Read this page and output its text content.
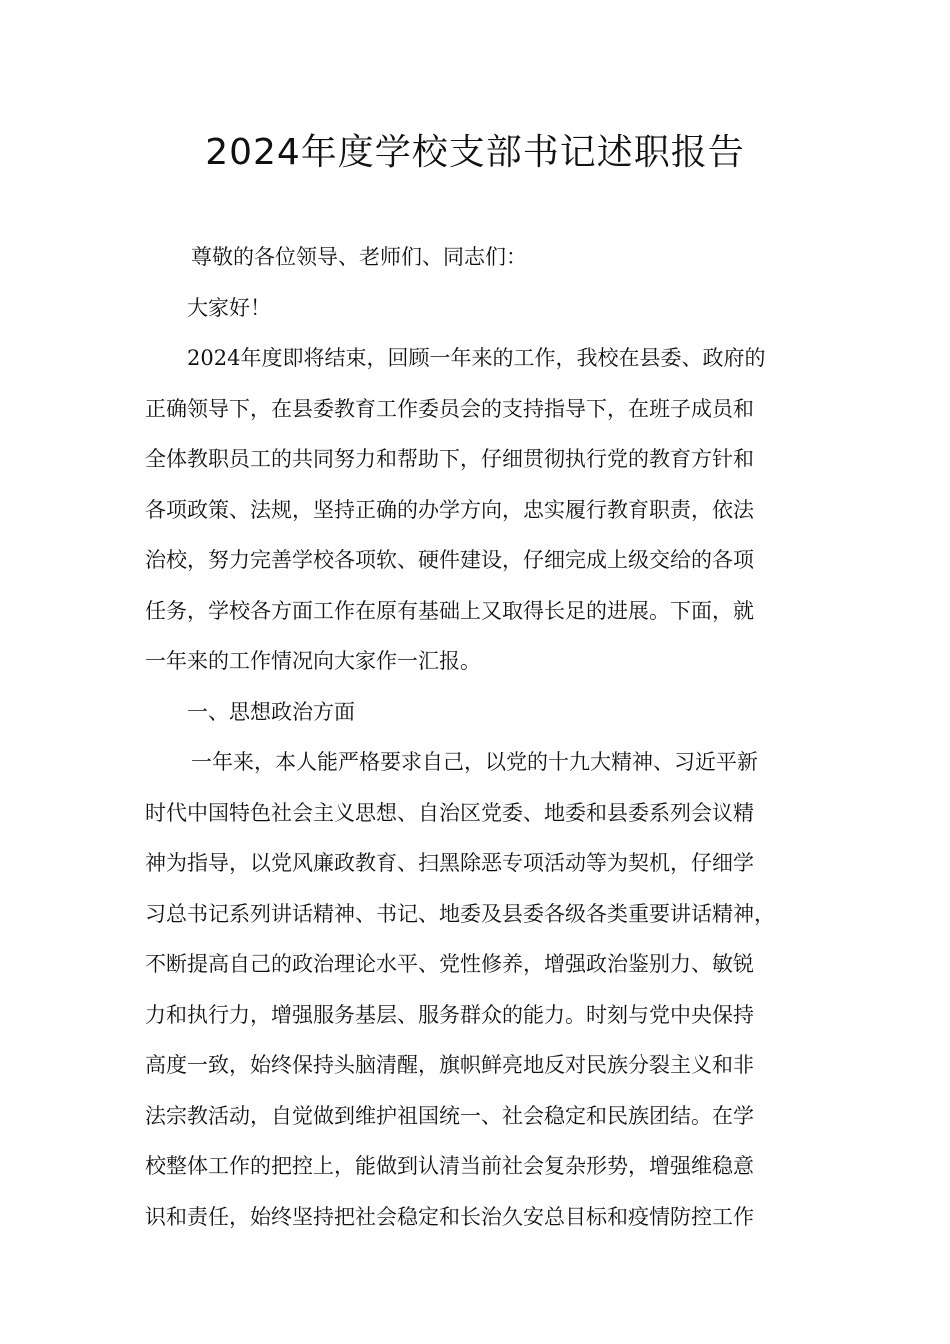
2024年度学校支部书记述职报告
尊敬的各位领导、老师们、同志们：
大家好！
2024年度即将结束，回顾一年来的工作，我校在县委、政府的
正确领导下，在县委教育工作委员会的支持指导下，在班子成员和
全体教职员工的共同努力和帮助下，仔细贯彻执行党的教育方针和
各项政策、法规，坚持正确的办学方向，忠实履行教育职责，依法
治校，努力完善学校各项软、硬件建设，仔细完成上级交给的各项
任务，学校各方面工作在原有基础上又取得长足的进展。下面，就
一年来的工作情况向大家作一汇报。
一、思想政治方面
一年来，本人能严格要求自己，以党的十九大精神、习近平新
时代中国特色社会主义思想、自治区党委、地委和县委系列会议精
神为指导，以党风廉政教育、扫黑除恶专项活动等为契机，仔细学
习总书记系列讲话精神、书记、地委及县委各级各类重要讲话精神，
不断提高自己的政治理论水平、党性修养，增强政治鉴别力、敏锐
力和执行力，增强服务基层、服务群众的能力。时刻与党中央保持
高度一致，始终保持头脑清醒，旗帜鲜亮地反对民族分裂主义和非
法宗教活动，自觉做到维护祖国统一、社会稳定和民族团结。在学
校整体工作的把控上，能做到认清当前社会复杂形势，增强维稳意
识和责任，始终坚持把社会稳定和长治久安总目标和疫情防控工作
